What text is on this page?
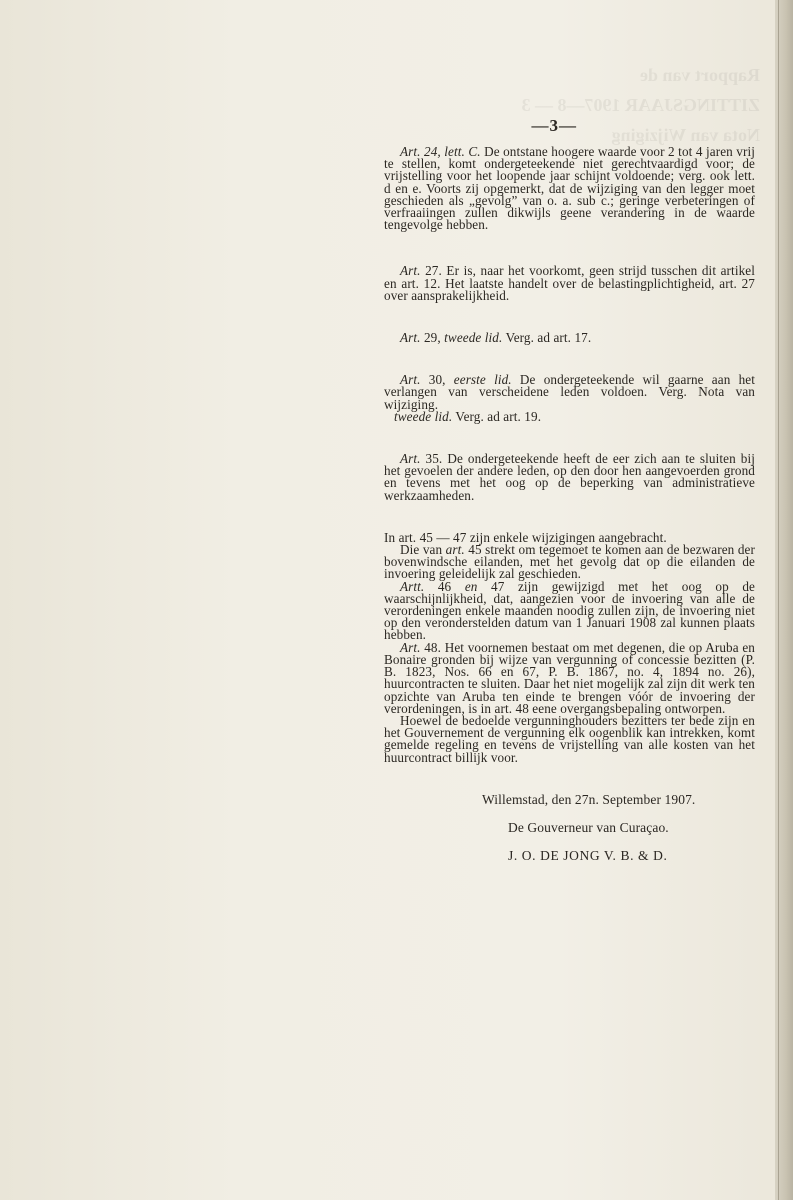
Rapport van de
ZITTINGSJAAR 1907—8 — 3
Nota van Wijziging
—3—

Art. 24, lett. C. De ontstane hoogere waarde voor 2 tot 4 jaren vrij te stellen, komt ondergeteekende niet gerechtvaardigd voor; de vrijstelling voor het loopende jaar schijnt voldoende; verg. ook lett. d en e. Voorts zij opgemerkt, dat de wijziging van den legger moet geschieden als „gevolg” van o. a. sub c.; geringe verbeteringen of verfraaiingen zullen dikwijls geene verandering in de waarde tengevolge hebben.

Art. 27. Er is, naar het voorkomt, geen strijd tusschen dit artikel en art. 12. Het laatste handelt over de belastingplichtigheid, art. 27 over aansprakelijkheid.

Art. 29, tweede lid. Verg. ad art. 17.

Art. 30, eerste lid. De ondergeteekende wil gaarne aan het verlangen van verscheidene leden voldoen. Verg. Nota van wijziging.

tweede lid. Verg. ad art. 19.

Art. 35. De ondergeteekende heeft de eer zich aan te sluiten bij het gevoelen der andere leden, op den door hen aangevoerden grond en tevens met het oog op de beperking van administratieve werkzaamheden.

In art. 45 — 47 zijn enkele wijzigingen aangebracht.

Die van art. 45 strekt om tegemoet te komen aan de bezwaren der bovenwindsche eilanden, met het gevolg dat op die eilanden de invoering geleidelijk zal geschieden.

Artt. 46 en 47 zijn gewijzigd met het oog op de waarschijnlijkheid, dat, aangezien voor de invoering van alle de verordeningen enkele maanden noodig zullen zijn, de invoering niet op den veronderstelden datum van 1 Januari 1908 zal kunnen plaats hebben.

Art. 48. Het voornemen bestaat om met degenen, die op Aruba en Bonaire gronden bij wijze van vergunning of concessie bezitten (P. B. 1823, Nos. 66 en 67, P. B. 1867, no. 4, 1894 no. 26), huurcontracten te sluiten. Daar het niet mogelijk zal zijn dit werk ten opzichte van Aruba ten einde te brengen vóór de invoering der verordeningen, is in art. 48 eene overgangsbepaling ontworpen.

Hoewel de bedoelde vergunninghouders bezitters ter bede zijn en het Gouvernement de vergunning elk oogenblik kan intrekken, komt gemelde regeling en tevens de vrijstelling van alle kosten van het huurcontract billijk voor.

Willemstad, den 27n. September 1907.
De Gouverneur van Curaçao.
J. O. DE JONG V. B. & D.
